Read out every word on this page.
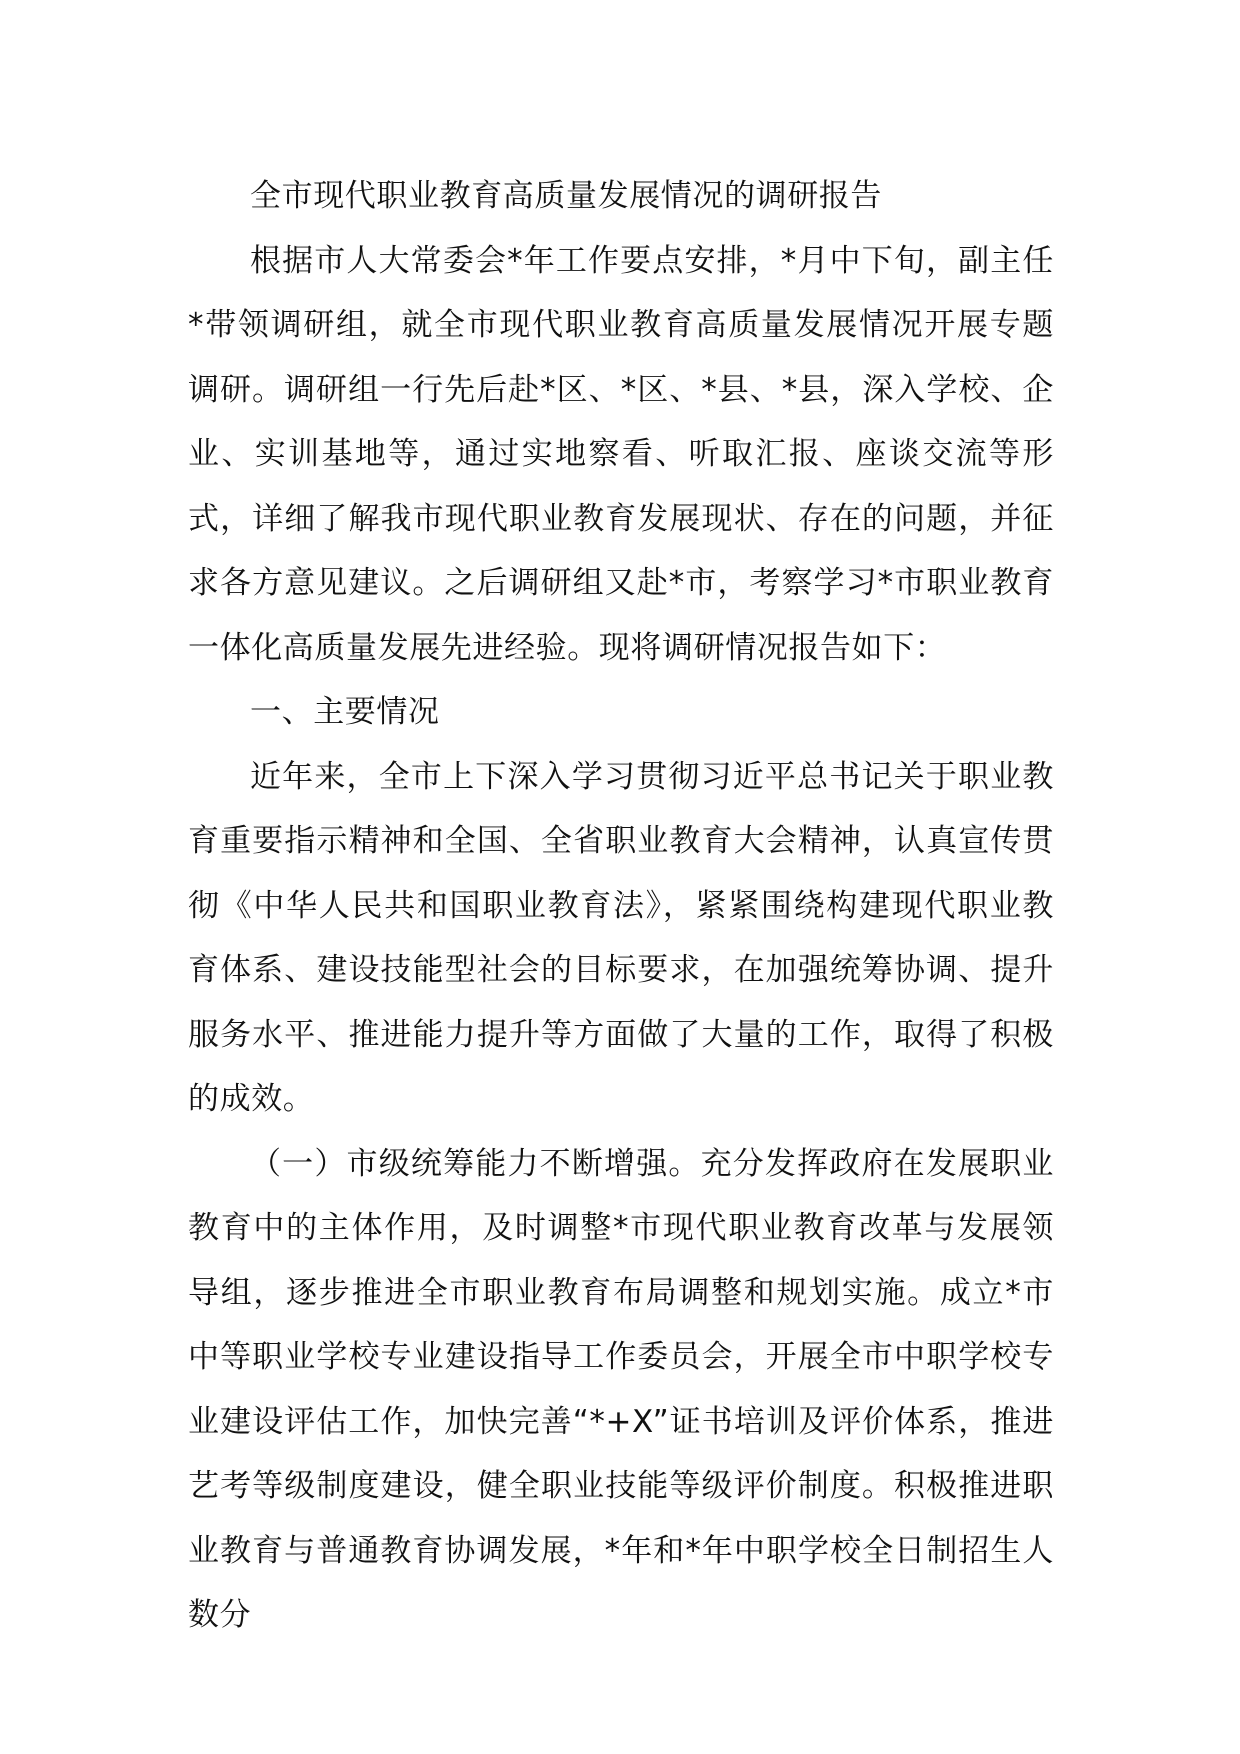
全市现代职业教育高质量发展情况的调研报告

根据市人大常委会*年工作要点安排，*月中下旬，副主任*带领调研组，就全市现代职业教育高质量发展情况开展专题调研。调研组一行先后赴*区、*区、*县、*县，深入学校、企业、实训基地等，通过实地察看、听取汇报、座谈交流等形式，详细了解我市现代职业教育发展现状、存在的问题，并征求各方意见建议。之后调研组又赴*市，考察学习*市职业教育一体化高质量发展先进经验。现将调研情况报告如下：

一、主要情况

近年来，全市上下深入学习贯彻习近平总书记关于职业教育重要指示精神和全国、全省职业教育大会精神，认真宣传贯彻《中华人民共和国职业教育法》，紧紧围绕构建现代职业教育体系、建设技能型社会的目标要求，在加强统筹协调、提升服务水平、推进能力提升等方面做了大量的工作，取得了积极的成效。

（一）市级统筹能力不断增强。充分发挥政府在发展职业教育中的主体作用，及时调整*市现代职业教育改革与发展领导组，逐步推进全市职业教育布局调整和规划实施。成立*市中等职业学校专业建设指导工作委员会，开展全市中职学校专业建设评估工作，加快完善“*+X”证书培训及评价体系，推进艺考等级制度建设，健全职业技能等级评价制度。积极推进职业教育与普通教育协调发展，*年和*年中职学校全日制招生人数分
